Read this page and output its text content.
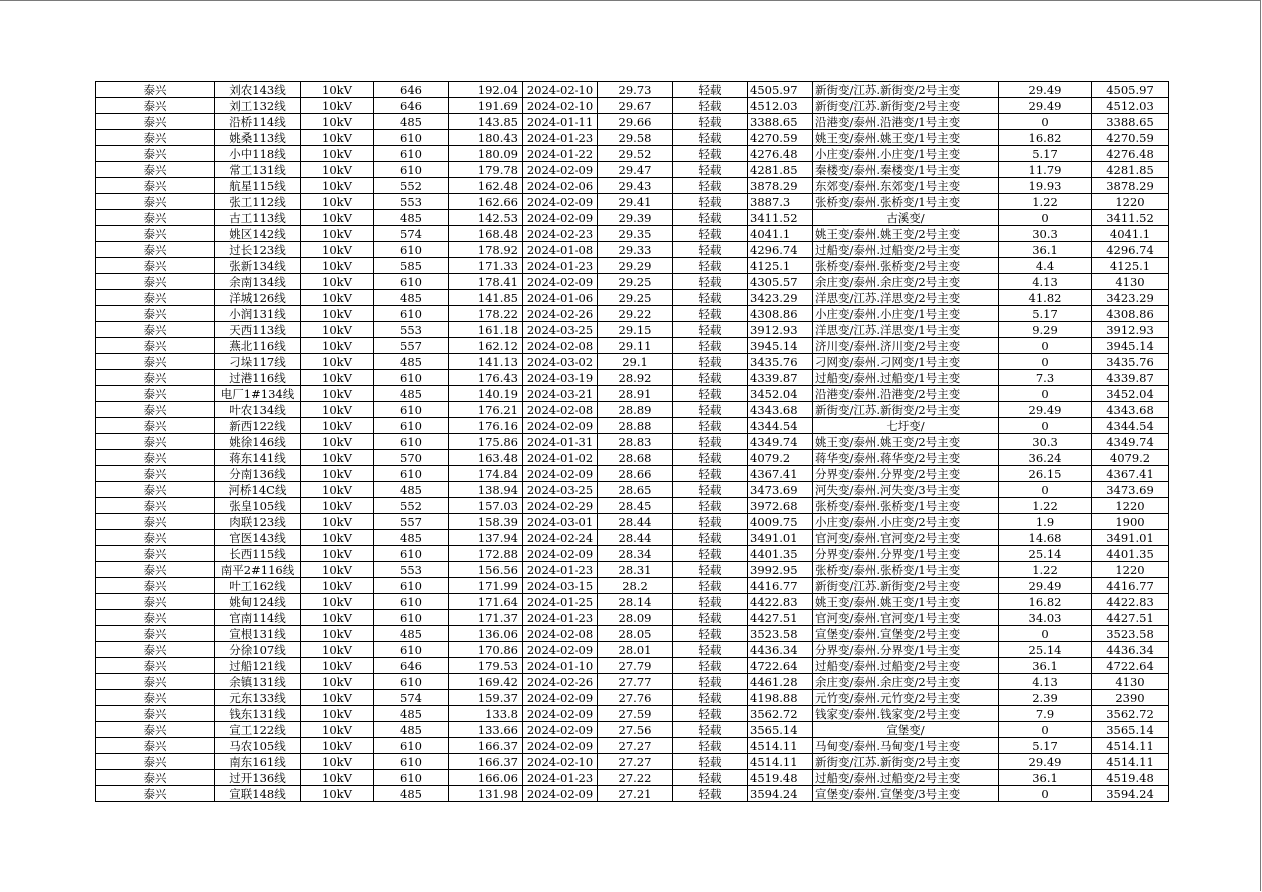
泰兴	刘农143线	10kV	646	192.04	2024-02-10	29.73	轻载	4505.97	新街变/江苏.新街变/2号主变	29.49	4505.97
泰兴	刘工132线	10kV	646	191.69	2024-02-10	29.67	轻载	4512.03	新街变/江苏.新街变/2号主变	29.49	4512.03
泰兴	沿桥114线	10kV	485	143.85	2024-01-11	29.66	轻载	3388.65	沿港变/泰州.沿港变/1号主变	0	3388.65
泰兴	姚桑113线	10kV	610	180.43	2024-01-23	29.58	轻载	4270.59	姚王变/泰州.姚王变/1号主变	16.82	4270.59
泰兴	小中118线	10kV	610	180.09	2024-01-22	29.52	轻载	4276.48	小庄变/泰州.小庄变/1号主变	5.17	4276.48
泰兴	常工131线	10kV	610	179.78	2024-02-09	29.47	轻载	4281.85	秦楼变/泰州.秦楼变/1号主变	11.79	4281.85
泰兴	航星115线	10kV	552	162.48	2024-02-06	29.43	轻载	3878.29	东郊变/泰州.东郊变/1号主变	19.93	3878.29
泰兴	张工112线	10kV	553	162.66	2024-02-09	29.41	轻载	3887.3	张桥变/泰州.张桥变/1号主变	1.22	1220
泰兴	古工113线	10kV	485	142.53	2024-02-09	29.39	轻载	3411.52	古溪变/	0	3411.52
泰兴	姚区142线	10kV	574	168.48	2024-02-23	29.35	轻载	4041.1	姚王变/泰州.姚王变/2号主变	30.3	4041.1
泰兴	过长123线	10kV	610	178.92	2024-01-08	29.33	轻载	4296.74	过船变/泰州.过船变/2号主变	36.1	4296.74
泰兴	张新134线	10kV	585	171.33	2024-01-23	29.29	轻载	4125.1	张桥变/泰州.张桥变/2号主变	4.4	4125.1
泰兴	余南134线	10kV	610	178.41	2024-02-09	29.25	轻载	4305.57	余庄变/泰州.余庄变/2号主变	4.13	4130
泰兴	洋城126线	10kV	485	141.85	2024-01-06	29.25	轻载	3423.29	洋思变/江苏.洋思变/2号主变	41.82	3423.29
泰兴	小润131线	10kV	610	178.22	2024-02-26	29.22	轻载	4308.86	小庄变/泰州.小庄变/1号主变	5.17	4308.86
泰兴	天西113线	10kV	553	161.18	2024-03-25	29.15	轻载	3912.93	洋思变/江苏.洋思变/1号主变	9.29	3912.93
泰兴	燕北116线	10kV	557	162.12	2024-02-08	29.11	轻载	3945.14	济川变/泰州.济川变/2号主变	0	3945.14
泰兴	刁垛117线	10kV	485	141.13	2024-03-02	29.1	轻载	3435.76	刁网变/泰州.刁网变/1号主变	0	3435.76
泰兴	过港116线	10kV	610	176.43	2024-03-19	28.92	轻载	4339.87	过船变/泰州.过船变/1号主变	7.3	4339.87
泰兴	电厂1#134线	10kV	485	140.19	2024-03-21	28.91	轻载	3452.04	沿港变/泰州.沿港变/2号主变	0	3452.04
泰兴	叶农134线	10kV	610	176.21	2024-02-08	28.89	轻载	4343.68	新街变/江苏.新街变/2号主变	29.49	4343.68
泰兴	新西122线	10kV	610	176.16	2024-02-09	28.88	轻载	4344.54	七圩变/	0	4344.54
泰兴	姚徐146线	10kV	610	175.86	2024-01-31	28.83	轻载	4349.74	姚王变/泰州.姚王变/2号主变	30.3	4349.74
泰兴	蒋东141线	10kV	570	163.48	2024-01-02	28.68	轻载	4079.2	蒋华变/泰州.蒋华变/2号主变	36.24	4079.2
泰兴	分南136线	10kV	610	174.84	2024-02-09	28.66	轻载	4367.41	分界变/泰州.分界变/2号主变	26.15	4367.41
泰兴	河桥14C线	10kV	485	138.94	2024-03-25	28.65	轻载	3473.69	河失变/泰州.河失变/3号主变	0	3473.69
泰兴	张皇105线	10kV	552	157.03	2024-02-29	28.45	轻载	3972.68	张桥变/泰州.张桥变/1号主变	1.22	1220
泰兴	肉联123线	10kV	557	158.39	2024-03-01	28.44	轻载	4009.75	小庄变/泰州.小庄变/2号主变	1.9	1900
泰兴	官医143线	10kV	485	137.94	2024-02-24	28.44	轻载	3491.01	官河变/泰州.官河变/2号主变	14.68	3491.01
泰兴	长西115线	10kV	610	172.88	2024-02-09	28.34	轻载	4401.35	分界变/泰州.分界变/1号主变	25.14	4401.35
泰兴	南平2#116线	10kV	553	156.56	2024-01-23	28.31	轻载	3992.95	张桥变/泰州.张桥变/1号主变	1.22	1220
泰兴	叶工162线	10kV	610	171.99	2024-03-15	28.2	轻载	4416.77	新街变/江苏.新街变/2号主变	29.49	4416.77
泰兴	姚甸124线	10kV	610	171.64	2024-01-25	28.14	轻载	4422.83	姚王变/泰州.姚王变/1号主变	16.82	4422.83
泰兴	官南114线	10kV	610	171.37	2024-01-23	28.09	轻载	4427.51	官河变/泰州.官河变/1号主变	34.03	4427.51
泰兴	宣根131线	10kV	485	136.06	2024-02-08	28.05	轻载	3523.58	宣堡变/泰州.宣堡变/2号主变	0	3523.58
泰兴	分徐107线	10kV	610	170.86	2024-02-09	28.01	轻载	4436.34	分界变/泰州.分界变/1号主变	25.14	4436.34
泰兴	过船121线	10kV	646	179.53	2024-01-10	27.79	轻载	4722.64	过船变/泰州.过船变/2号主变	36.1	4722.64
泰兴	余镇131线	10kV	610	169.42	2024-02-26	27.77	轻载	4461.28	余庄变/泰州.余庄变/2号主变	4.13	4130
泰兴	元东133线	10kV	574	159.37	2024-02-09	27.76	轻载	4198.88	元竹变/泰州.元竹变/2号主变	2.39	2390
泰兴	钱东131线	10kV	485	133.8	2024-02-09	27.59	轻载	3562.72	钱家变/泰州.钱家变/2号主变	7.9	3562.72
泰兴	宣工122线	10kV	485	133.66	2024-02-09	27.56	轻载	3565.14	宣堡变/	0	3565.14
泰兴	马农105线	10kV	610	166.37	2024-02-09	27.27	轻载	4514.11	马甸变/泰州.马甸变/1号主变	5.17	4514.11
泰兴	南东161线	10kV	610	166.37	2024-02-10	27.27	轻载	4514.11	新街变/江苏.新街变/2号主变	29.49	4514.11
泰兴	过开136线	10kV	610	166.06	2024-01-23	27.22	轻载	4519.48	过船变/泰州.过船变/2号主变	36.1	4519.48
泰兴	宣联148线	10kV	485	131.98	2024-02-09	27.21	轻载	3594.24	宣堡变/泰州.宣堡变/3号主变	0	3594.24
